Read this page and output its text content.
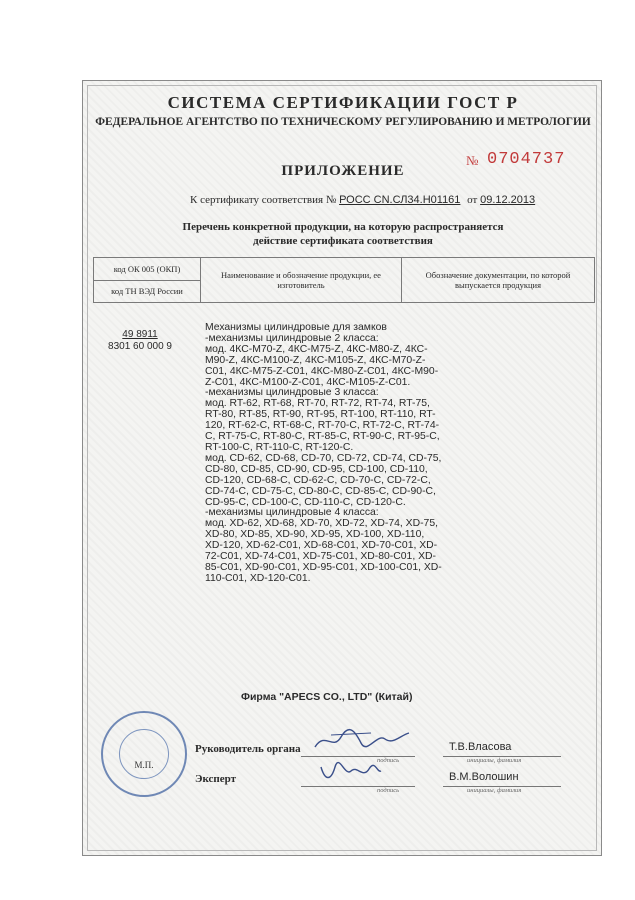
СИСТЕМА СЕРТИФИКАЦИИ ГОСТ Р
ФЕДЕРАЛЬНОЕ АГЕНТСТВО ПО ТЕХНИЧЕСКОМУ РЕГУЛИРОВАНИЮ И МЕТРОЛОГИИ
ПРИЛОЖЕНИЕ
№ 0704737
К сертификату соответствия № РОСС CN.СЛ34.Н01161 от 09.12.2013
Перечень конкретной продукции, на которую распространяется
действие сертификата соответствия
код ОК 005 (ОКП)
код ТН ВЭД России
Наименование и обозначение продукции, ее изготовитель
Обозначение документации, по которой выпускается продукция
49 8911
8301 60 000 9
Механизмы цилиндровые для замков
-механизмы цилиндровые 2 класса:
мод. 4КС-М70-Z, 4КС-М75-Z, 4КС-М80-Z, 4КС-
М90-Z, 4КС-М100-Z, 4КС-М105-Z, 4КС-М70-Z-
С01, 4КС-М75-Z-С01, 4КС-М80-Z-С01, 4КС-М90-
Z-С01, 4КС-М100-Z-С01, 4КС-М105-Z-С01.
-механизмы цилиндровые 3 класса:
мод. RT-62, RT-68, RT-70, RT-72, RT-74, RT-75,
RT-80, RT-85, RT-90, RT-95, RT-100, RT-110, RT-
120, RT-62-С, RT-68-С, RT-70-С, RT-72-С, RT-74-
С, RT-75-С, RT-80-С, RT-85-С, RT-90-С, RT-95-С,
RT-100-С, RT-110-С, RT-120-С.
мод. CD-62, CD-68, CD-70, CD-72, CD-74, CD-75,
CD-80, CD-85, CD-90, CD-95, CD-100, CD-110,
CD-120, CD-68-С, CD-62-С, CD-70-С, CD-72-С,
CD-74-С, CD-75-С, CD-80-С, CD-85-С, CD-90-С,
CD-95-С, CD-100-С, CD-110-С, CD-120-С.
-механизмы цилиндровые 4 класса:
мод. XD-62, XD-68, XD-70, XD-72, XD-74, XD-75,
XD-80, XD-85, XD-90, XD-95, XD-100, XD-110,
XD-120, XD-62-С01, XD-68-С01, XD-70-С01, XD-
72-С01, XD-74-С01, XD-75-С01, XD-80-С01, XD-
85-С01, XD-90-С01, XD-95-С01, XD-100-С01, XD-
110-С01, XD-120-С01.
Фирма "APECS CO., LTD" (Китай)
М.П.
Руководитель органа
Эксперт
подпись
подпись
инициалы, фамилия
инициалы, фамилия
Т.В.Власова
В.М.Волошин
